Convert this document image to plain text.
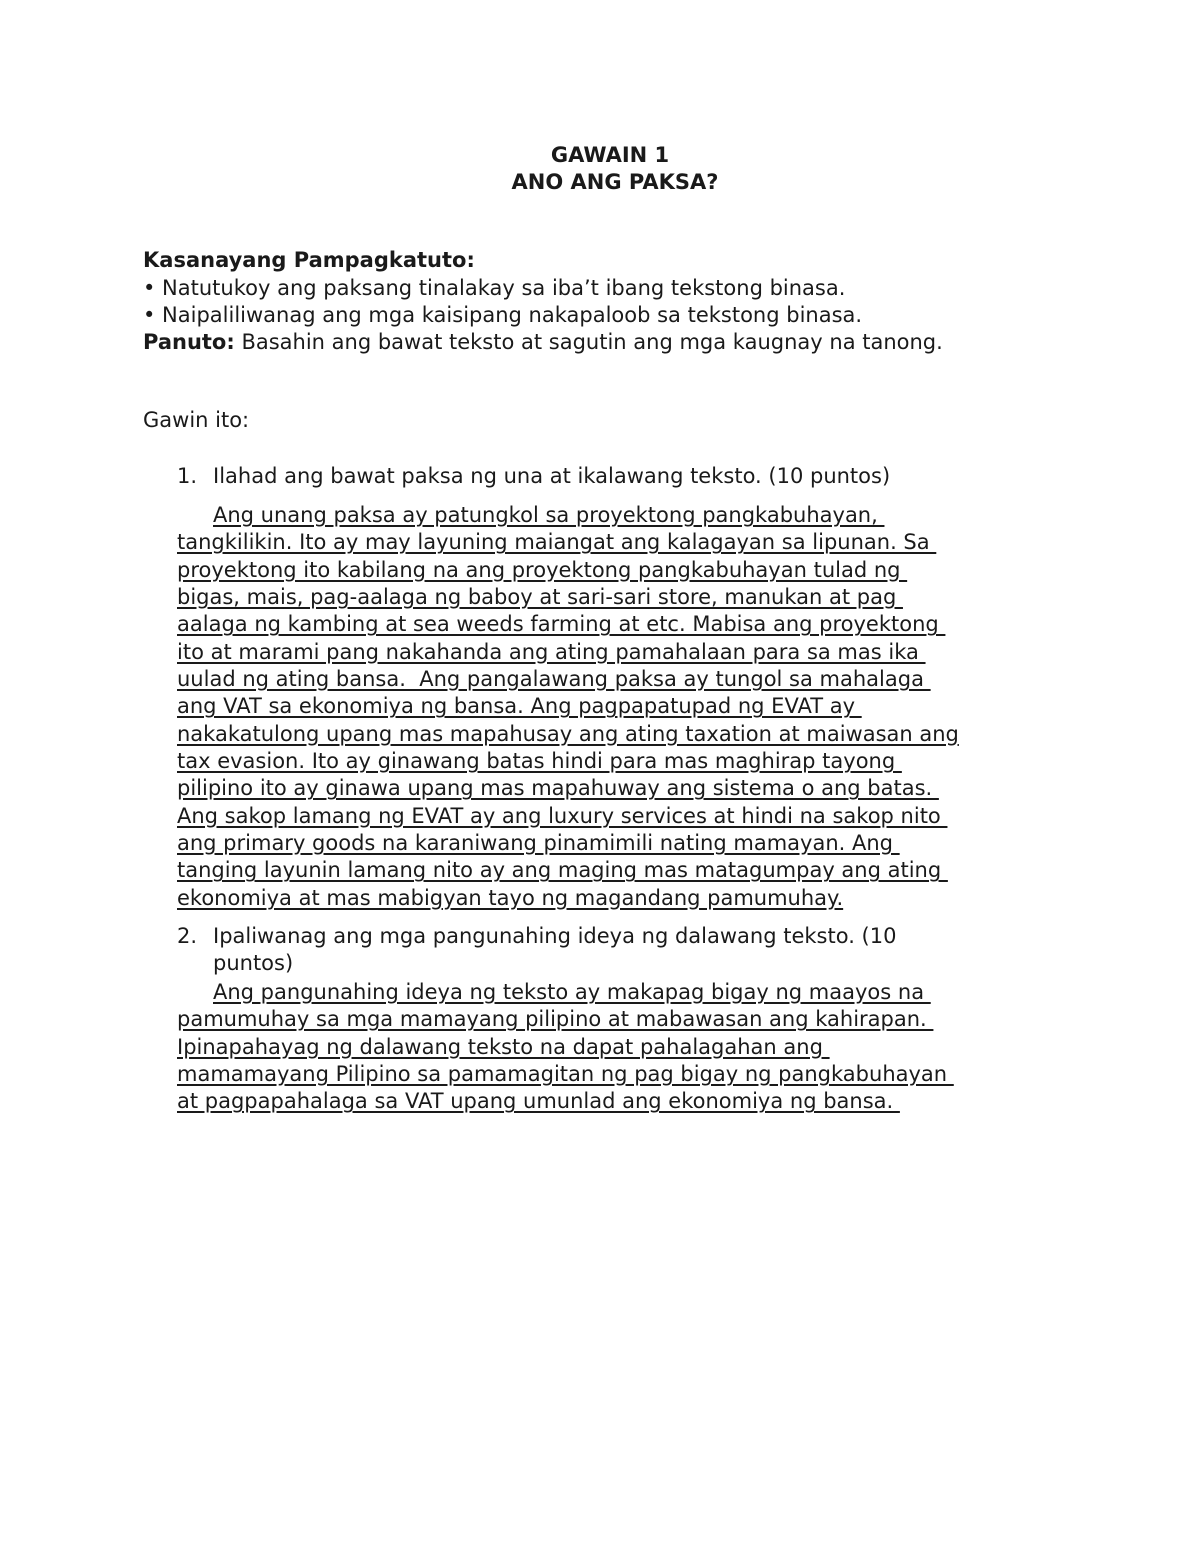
GAWAIN 1
ANO ANG PAKSA?
Kasanayang Pampagkatuto:
• Natutukoy ang paksang tinalakay sa iba’t ibang tekstong binasa.
• Naipaliliwanag ang mga kaisipang nakapaloob sa tekstong binasa.
Panuto: Basahin ang bawat teksto at sagutin ang mga kaugnay na tanong.
Gawin ito:
1. Ilahad ang bawat paksa ng una at ikalawang teksto. (10 puntos)
Ang unang paksa ay patungkol sa proyektong pangkabuhayan,
tangkilikin. Ito ay may layuning maiangat ang kalagayan sa lipunan. Sa
proyektong ito kabilang na ang proyektong pangkabuhayan tulad ng
bigas, mais, pag-aalaga ng baboy at sari-sari store, manukan at pag
aalaga ng kambing at sea weeds farming at etc. Mabisa ang proyektong
ito at marami pang nakahanda ang ating pamahalaan para sa mas ika
uulad ng ating bansa.  Ang pangalawang paksa ay tungol sa mahalaga
ang VAT sa ekonomiya ng bansa. Ang pagpapatupad ng EVAT ay
nakakatulong upang mas mapahusay ang ating taxation at maiwasan ang
tax evasion. Ito ay ginawang batas hindi para mas maghirap tayong
pilipino ito ay ginawa upang mas mapahuway ang sistema o ang batas.
Ang sakop lamang ng EVAT ay ang luxury services at hindi na sakop nito
ang primary goods na karaniwang pinamimili nating mamayan. Ang
tanging layunin lamang nito ay ang maging mas matagumpay ang ating
ekonomiya at mas mabigyan tayo ng magandang pamumuhay.
2. Ipaliwanag ang mga pangunahing ideya ng dalawang teksto. (10
puntos)
Ang pangunahing ideya ng teksto ay makapag bigay ng maayos na
pamumuhay sa mga mamayang pilipino at mabawasan ang kahirapan.
Ipinapahayag ng dalawang teksto na dapat pahalagahan ang
mamamayang Pilipino sa pamamagitan ng pag bigay ng pangkabuhayan
at pagpapahalaga sa VAT upang umunlad ang ekonomiya ng bansa.
